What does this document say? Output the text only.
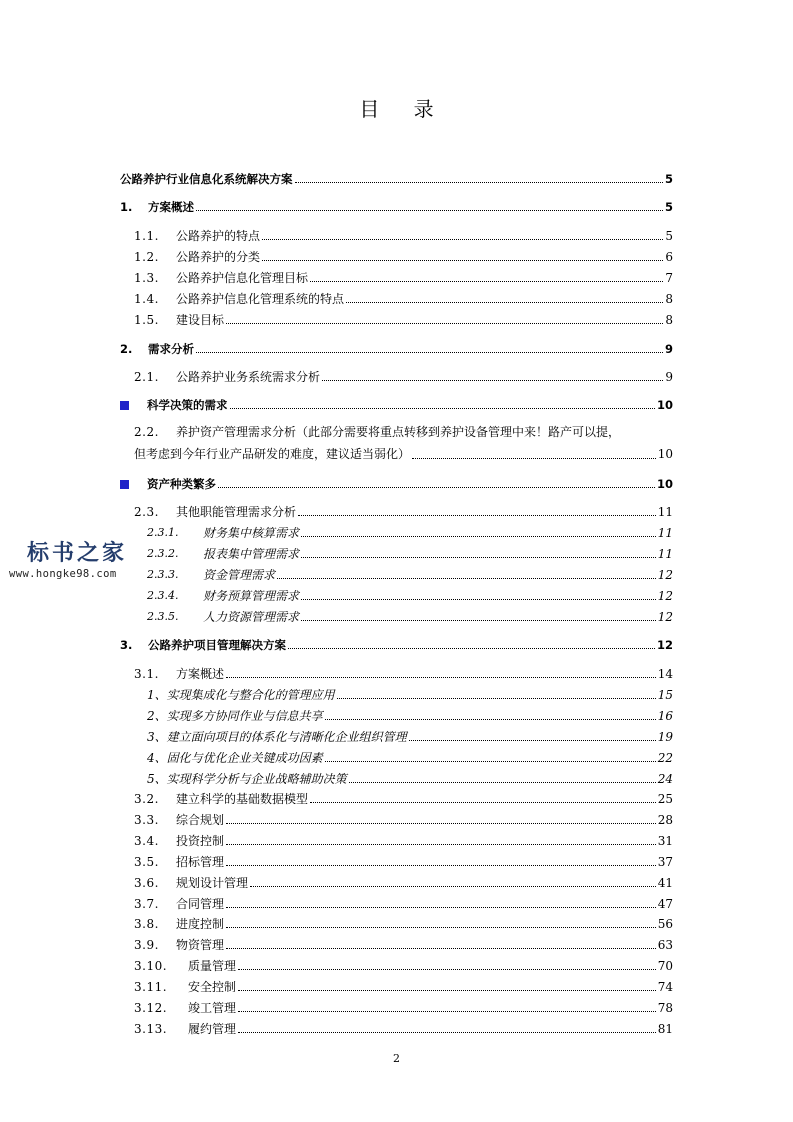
目 录
公路养护行业信息化系统解决方案	5
1.	方案概述	5
1.1.	公路养护的特点	5
1.2.	公路养护的分类	6
1.3.	公路养护信息化管理目标	7
1.4.	公路养护信息化管理系统的特点	8
1.5.	建设目标	8
2.	需求分析	9
2.1.	公路养护业务系统需求分析	9
科学决策的需求	10
2.2. 养护资产管理需求分析（此部分需要将重点转移到养护设备管理中来！路产可以提，
但考虑到今年行业产品研发的难度，建议适当弱化）	10
资产种类繁多	10
2.3.	其他职能管理需求分析	11
2.3.1.	财务集中核算需求	11
2.3.2.	报表集中管理需求	11
2.3.3.	资金管理需求	12
2.3.4.	财务预算管理需求	12
2.3.5.	人力资源管理需求	12
3.	公路养护项目管理解决方案	12
3.1.	方案概述	14
1、实现集成化与整合化的管理应用	15
2、实现多方协同作业与信息共享	16
3、建立面向项目的体系化与清晰化企业组织管理	19
4、固化与优化企业关键成功因素	22
5、实现科学分析与企业战略辅助决策	24
3.2.	建立科学的基础数据模型	25
3.3.	综合规划	28
3.4.	投资控制	31
3.5.	招标管理	37
3.6.	规划设计管理	41
3.7.	合同管理	47
3.8.	进度控制	56
3.9.	物资管理	63
3.10.	质量管理	70
3.11.	安全控制	74
3.12.	竣工管理	78
3.13.	履约管理	81
标书之家
www.hongke98.com
2
